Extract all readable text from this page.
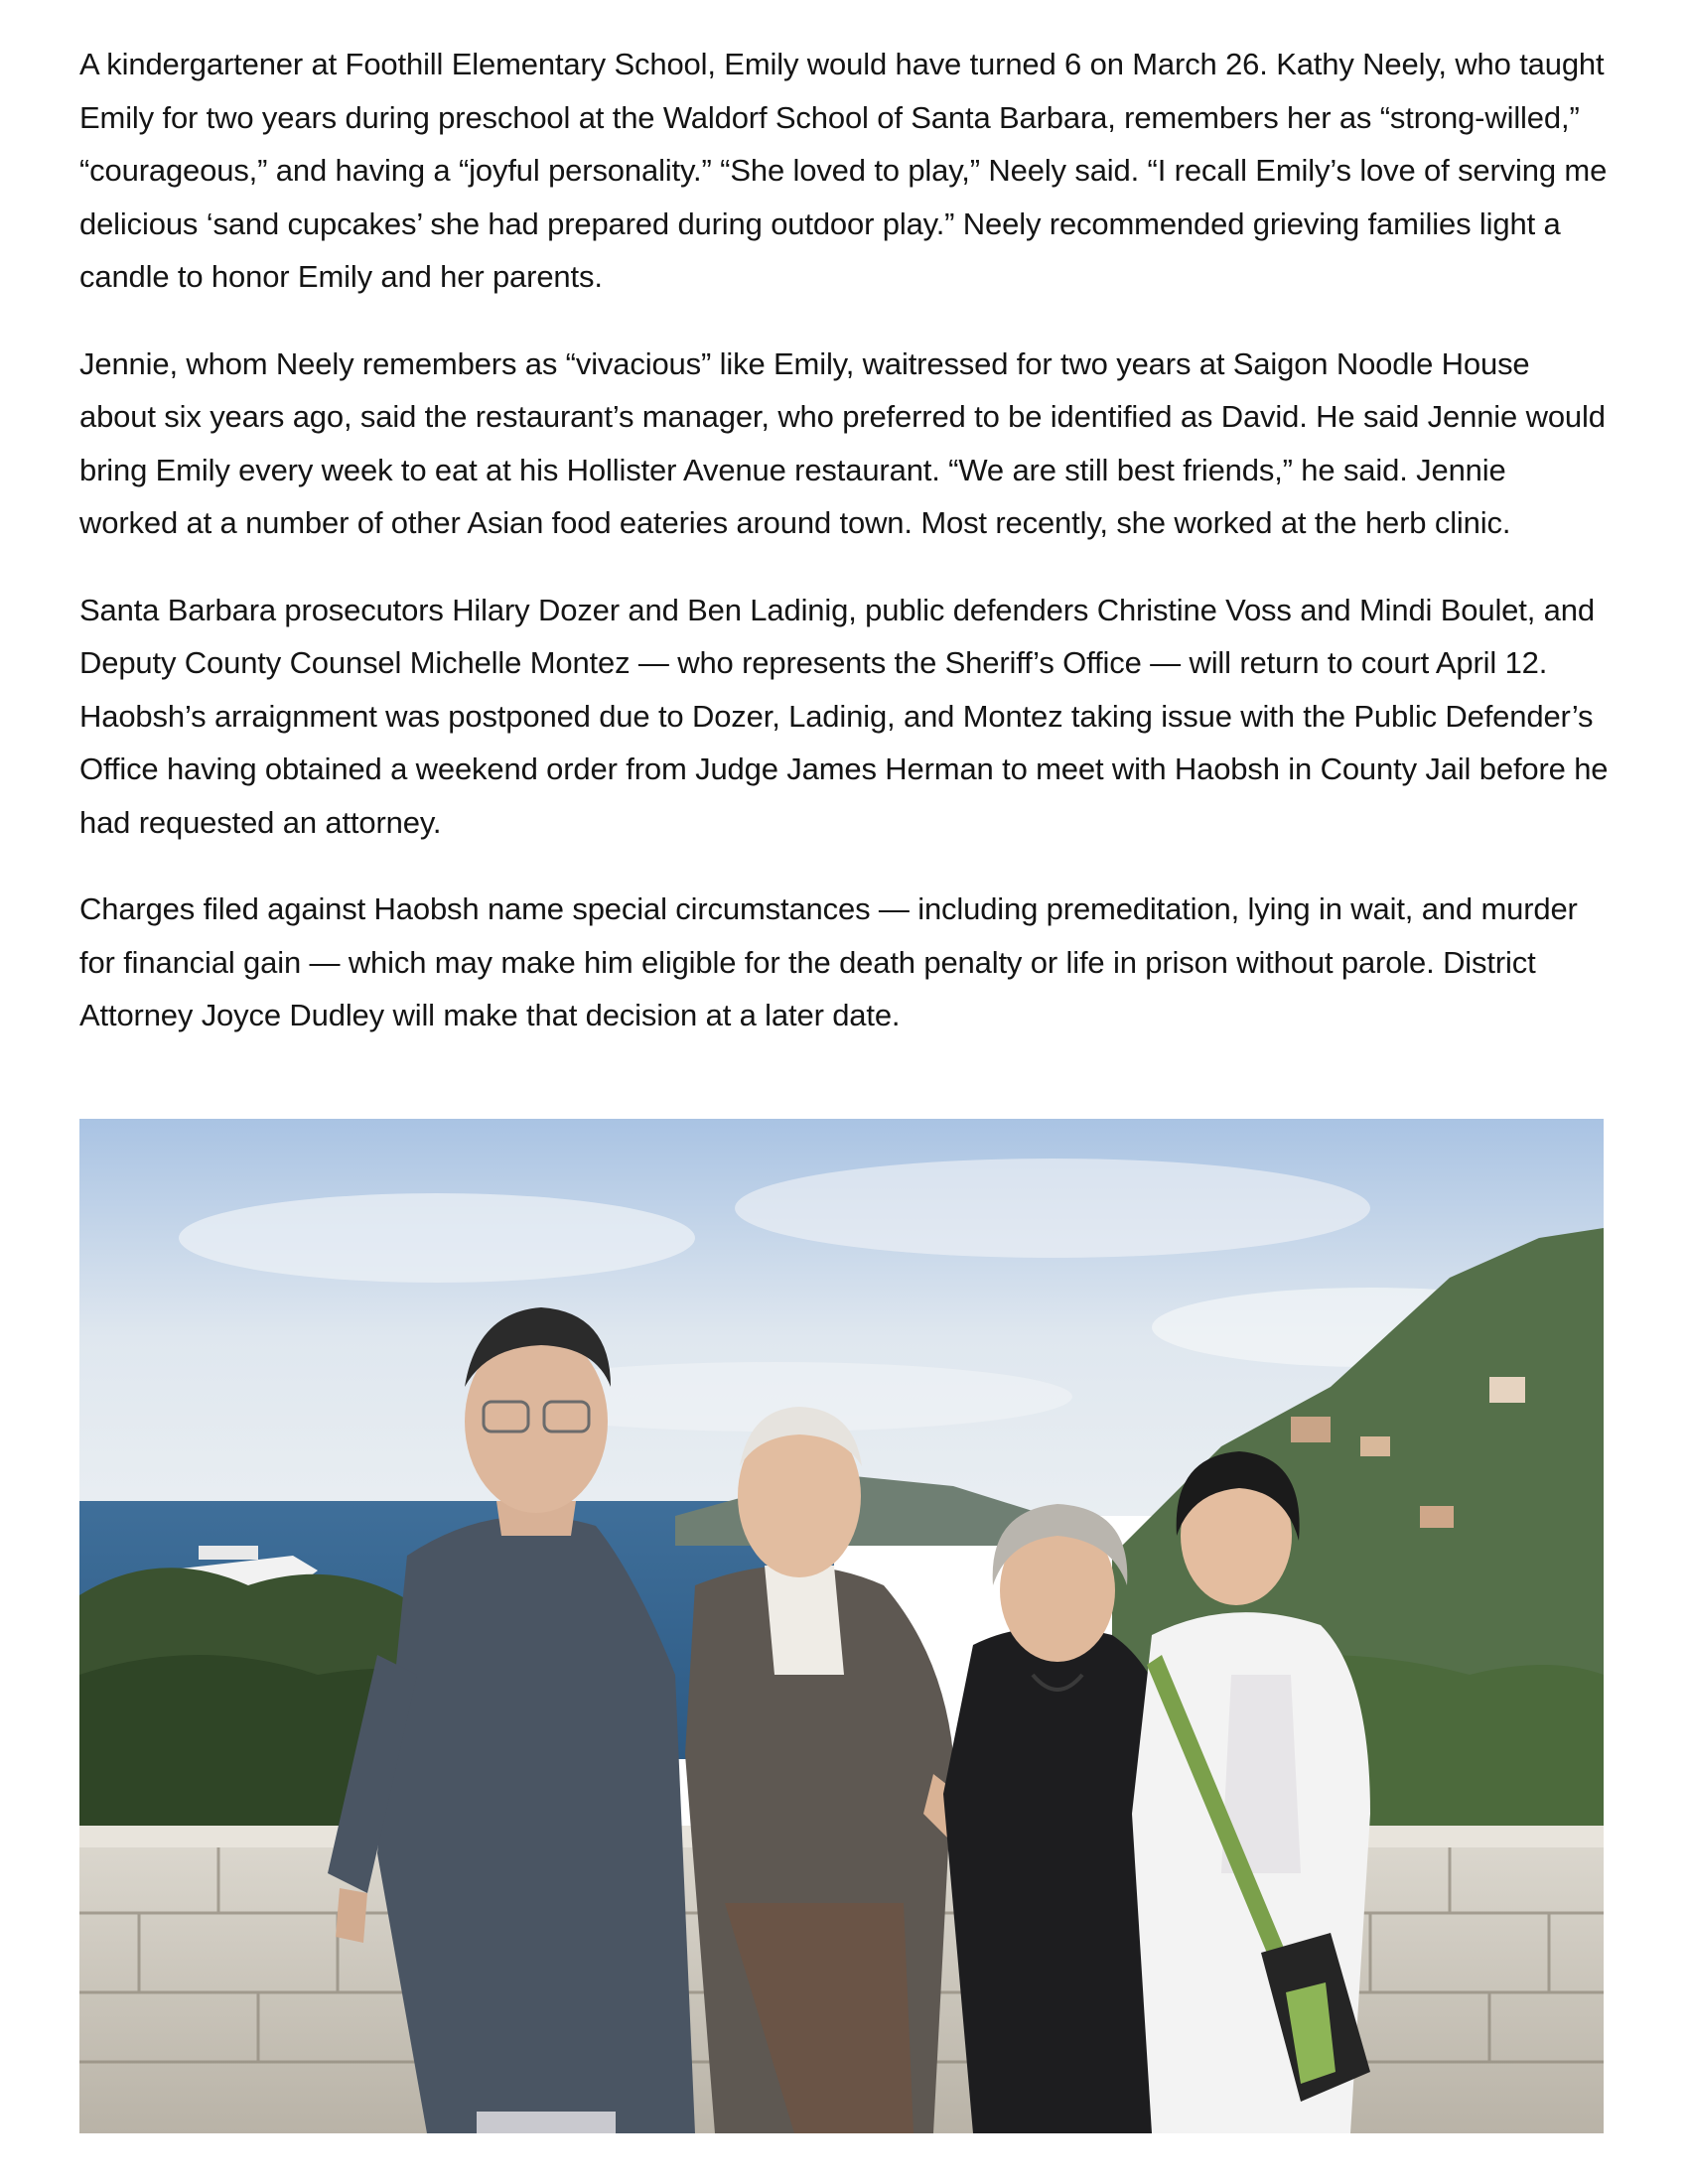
A kindergartener at Foothill Elementary School, Emily would have turned 6 on March 26. Kathy Neely, who taught Emily for two years during preschool at the Waldorf School of Santa Barbara, remembers her as “strong-willed,” “courageous,” and having a “joyful personality.” “She loved to play,” Neely said. “I recall Emily’s love of serving me delicious ‘sand cupcakes’ she had prepared during outdoor play.” Neely recommended grieving families light a candle to honor Emily and her parents.

Jennie, whom Neely remembers as “vivacious” like Emily, waitressed for two years at Saigon Noodle House about six years ago, said the restaurant’s manager, who preferred to be identified as David. He said Jennie would bring Emily every week to eat at his Hollister Avenue restaurant. “We are still best friends,” he said. Jennie worked at a number of other Asian food eateries around town. Most recently, she worked at the herb clinic.

Santa Barbara prosecutors Hilary Dozer and Ben Ladinig, public defenders Christine Voss and Mindi Boulet, and Deputy County Counsel Michelle Montez — who represents the Sheriff’s Office — will return to court April 12. Haobsh’s arraignment was postponed due to Dozer, Ladinig, and Montez taking issue with the Public Defender’s Office having obtained a weekend order from Judge James Herman to meet with Haobsh in County Jail before he had requested an attorney.

Charges filed against Haobsh name special circumstances — including premeditation, lying in wait, and murder for financial gain — which may make him eligible for the death penalty or life in prison without parole. District Attorney Joyce Dudley will make that decision at a later date.
